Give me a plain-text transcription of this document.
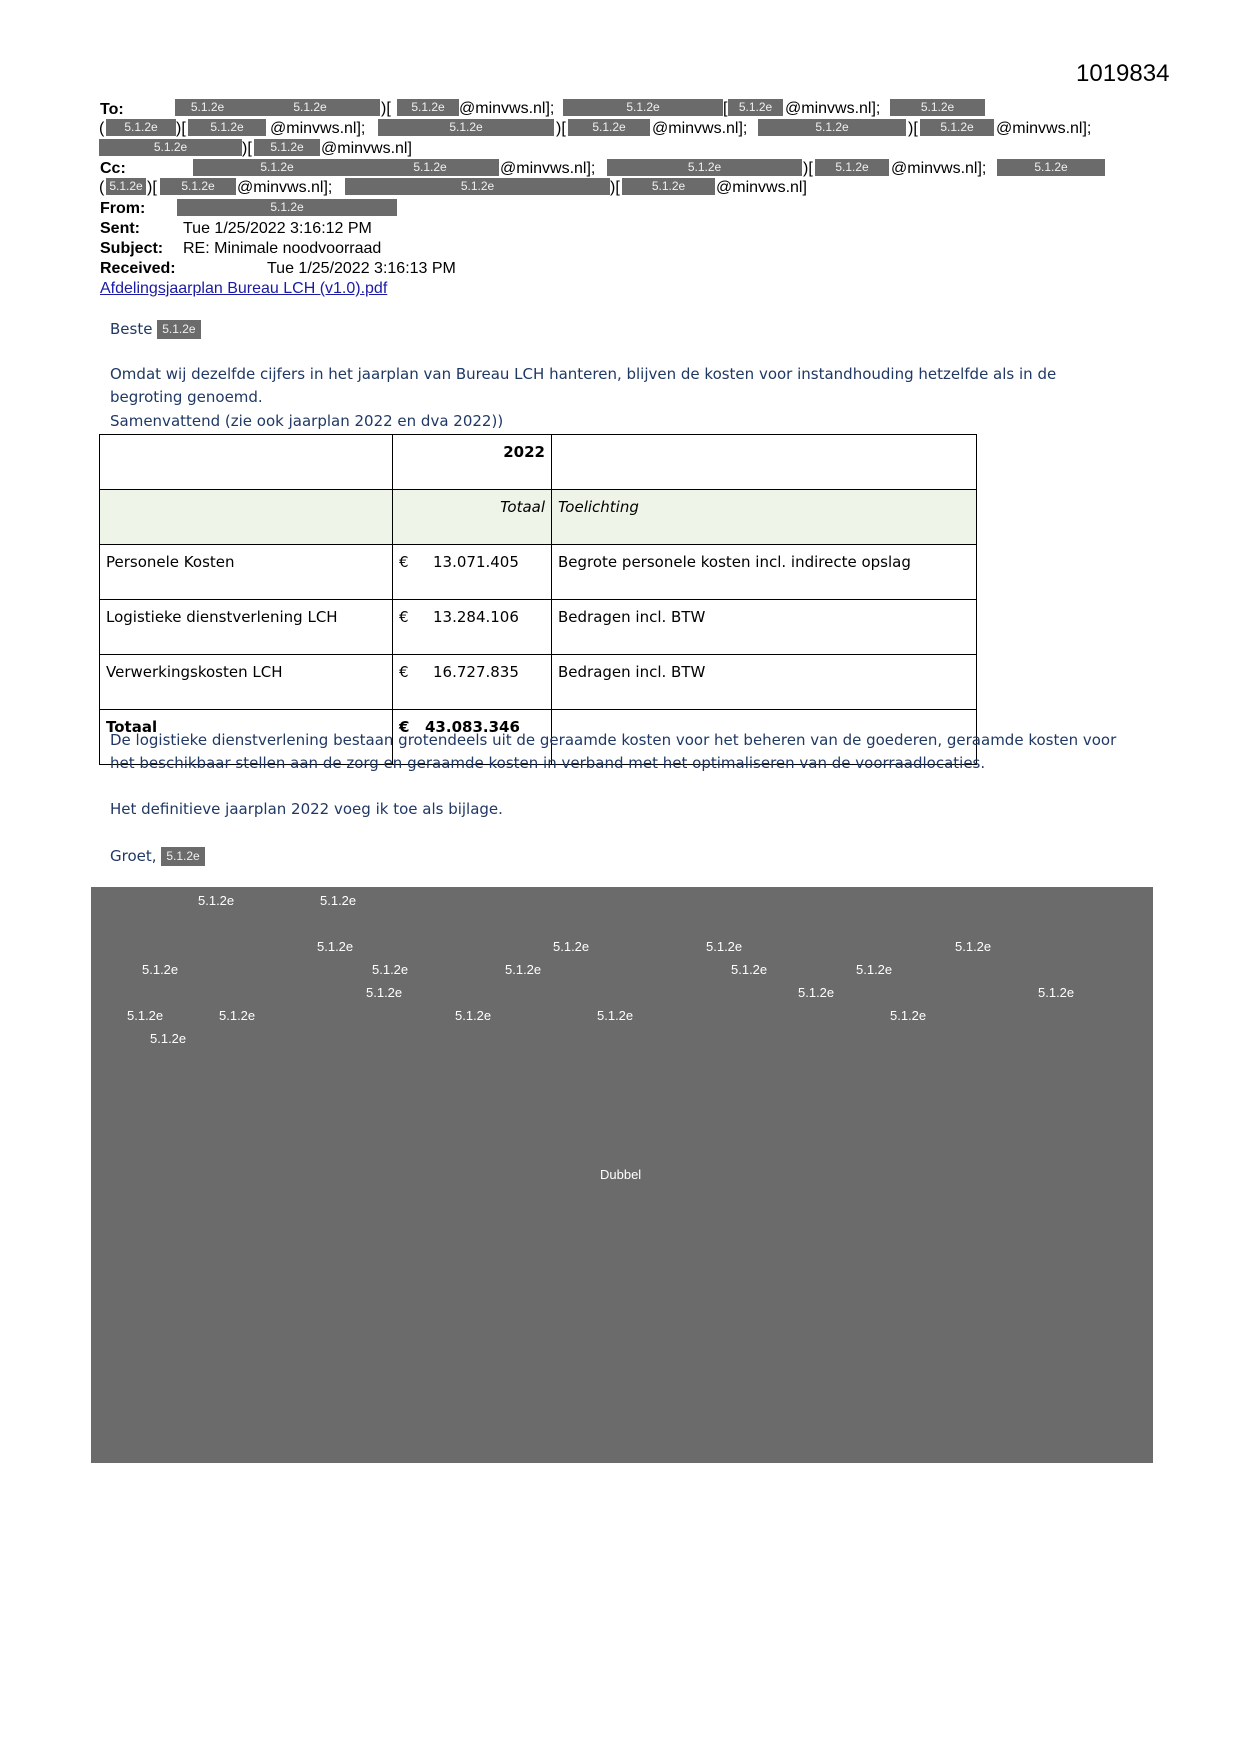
1019834
To:
Cc:
From:
Sent:	Tue 1/25/2022 3:16:12 PM
Subject: RE: Minimale noodvoorraad
Received:	Tue 1/25/2022 3:16:13 PM
Afdelingsjaarplan Bureau LCH (v1.0).pdf
5.1.2e	5.1.2e	)[	5.1.2e @minvws.nl];	5.1.2e	[ 5.1.2e @minvws.nl];	5.1.2e
(	5.1.2e	)[	5.1.2e	@minvws.nl];	5.1.2e	)[	5.1.2e	@minvws.nl];	5.1.2e	)[	5.1.2e	@minvws.nl];
5.1.2e	)[	5.1.2e	@minvws.nl]
5.1.2e	5.1.2e	@minvws.nl];	5.1.2e	)[	5.1.2e	@minvws.nl];	5.1.2e
( 5.1.2e )[	5.1.2e	@minvws.nl];	5.1.2e	)[	5.1.2e	@minvws.nl]
5.1.2e
Beste 5.1.2e
Omdat wij dezelfde cijfers in het jaarplan van Bureau LCH hanteren, blijven de kosten voor instandhouding hetzelfde als in de begroting genoemd.
Samenvattend (zie ook jaarplan 2022 en dva 2022))
	2022	
	Totaal	Toelichting
Personele Kosten	€ 13.071.405	Begrote personele kosten incl. indirecte opslag
Logistieke dienstverlening LCH	€ 13.284.106	Bedragen incl. BTW
Verwerkingskosten LCH	€ 16.727.835	Bedragen incl. BTW
Totaal	€ 43.083.346	
De logistieke dienstverlening bestaan grotendeels uit de geraamde kosten voor het beheren van de goederen, geraamde kosten voor het beschikbaar stellen aan de zorg en geraamde kosten in verband met het optimaliseren van de voorraadlocaties.
Het definitieve jaarplan 2022 voeg ik toe als bijlage.
Groet, 5.1.2e
5.1.2e	5.1.2e
5.1.2e	5.1.2e	5.1.2e	5.1.2e
5.1.2e	5.1.2e	5.1.2e	5.1.2e	5.1.2e
5.1.2e	5.1.2e	5.1.2e
5.1.2e	5.1.2e	5.1.2e	5.1.2e	5.1.2e
5.1.2e
Dubbel
